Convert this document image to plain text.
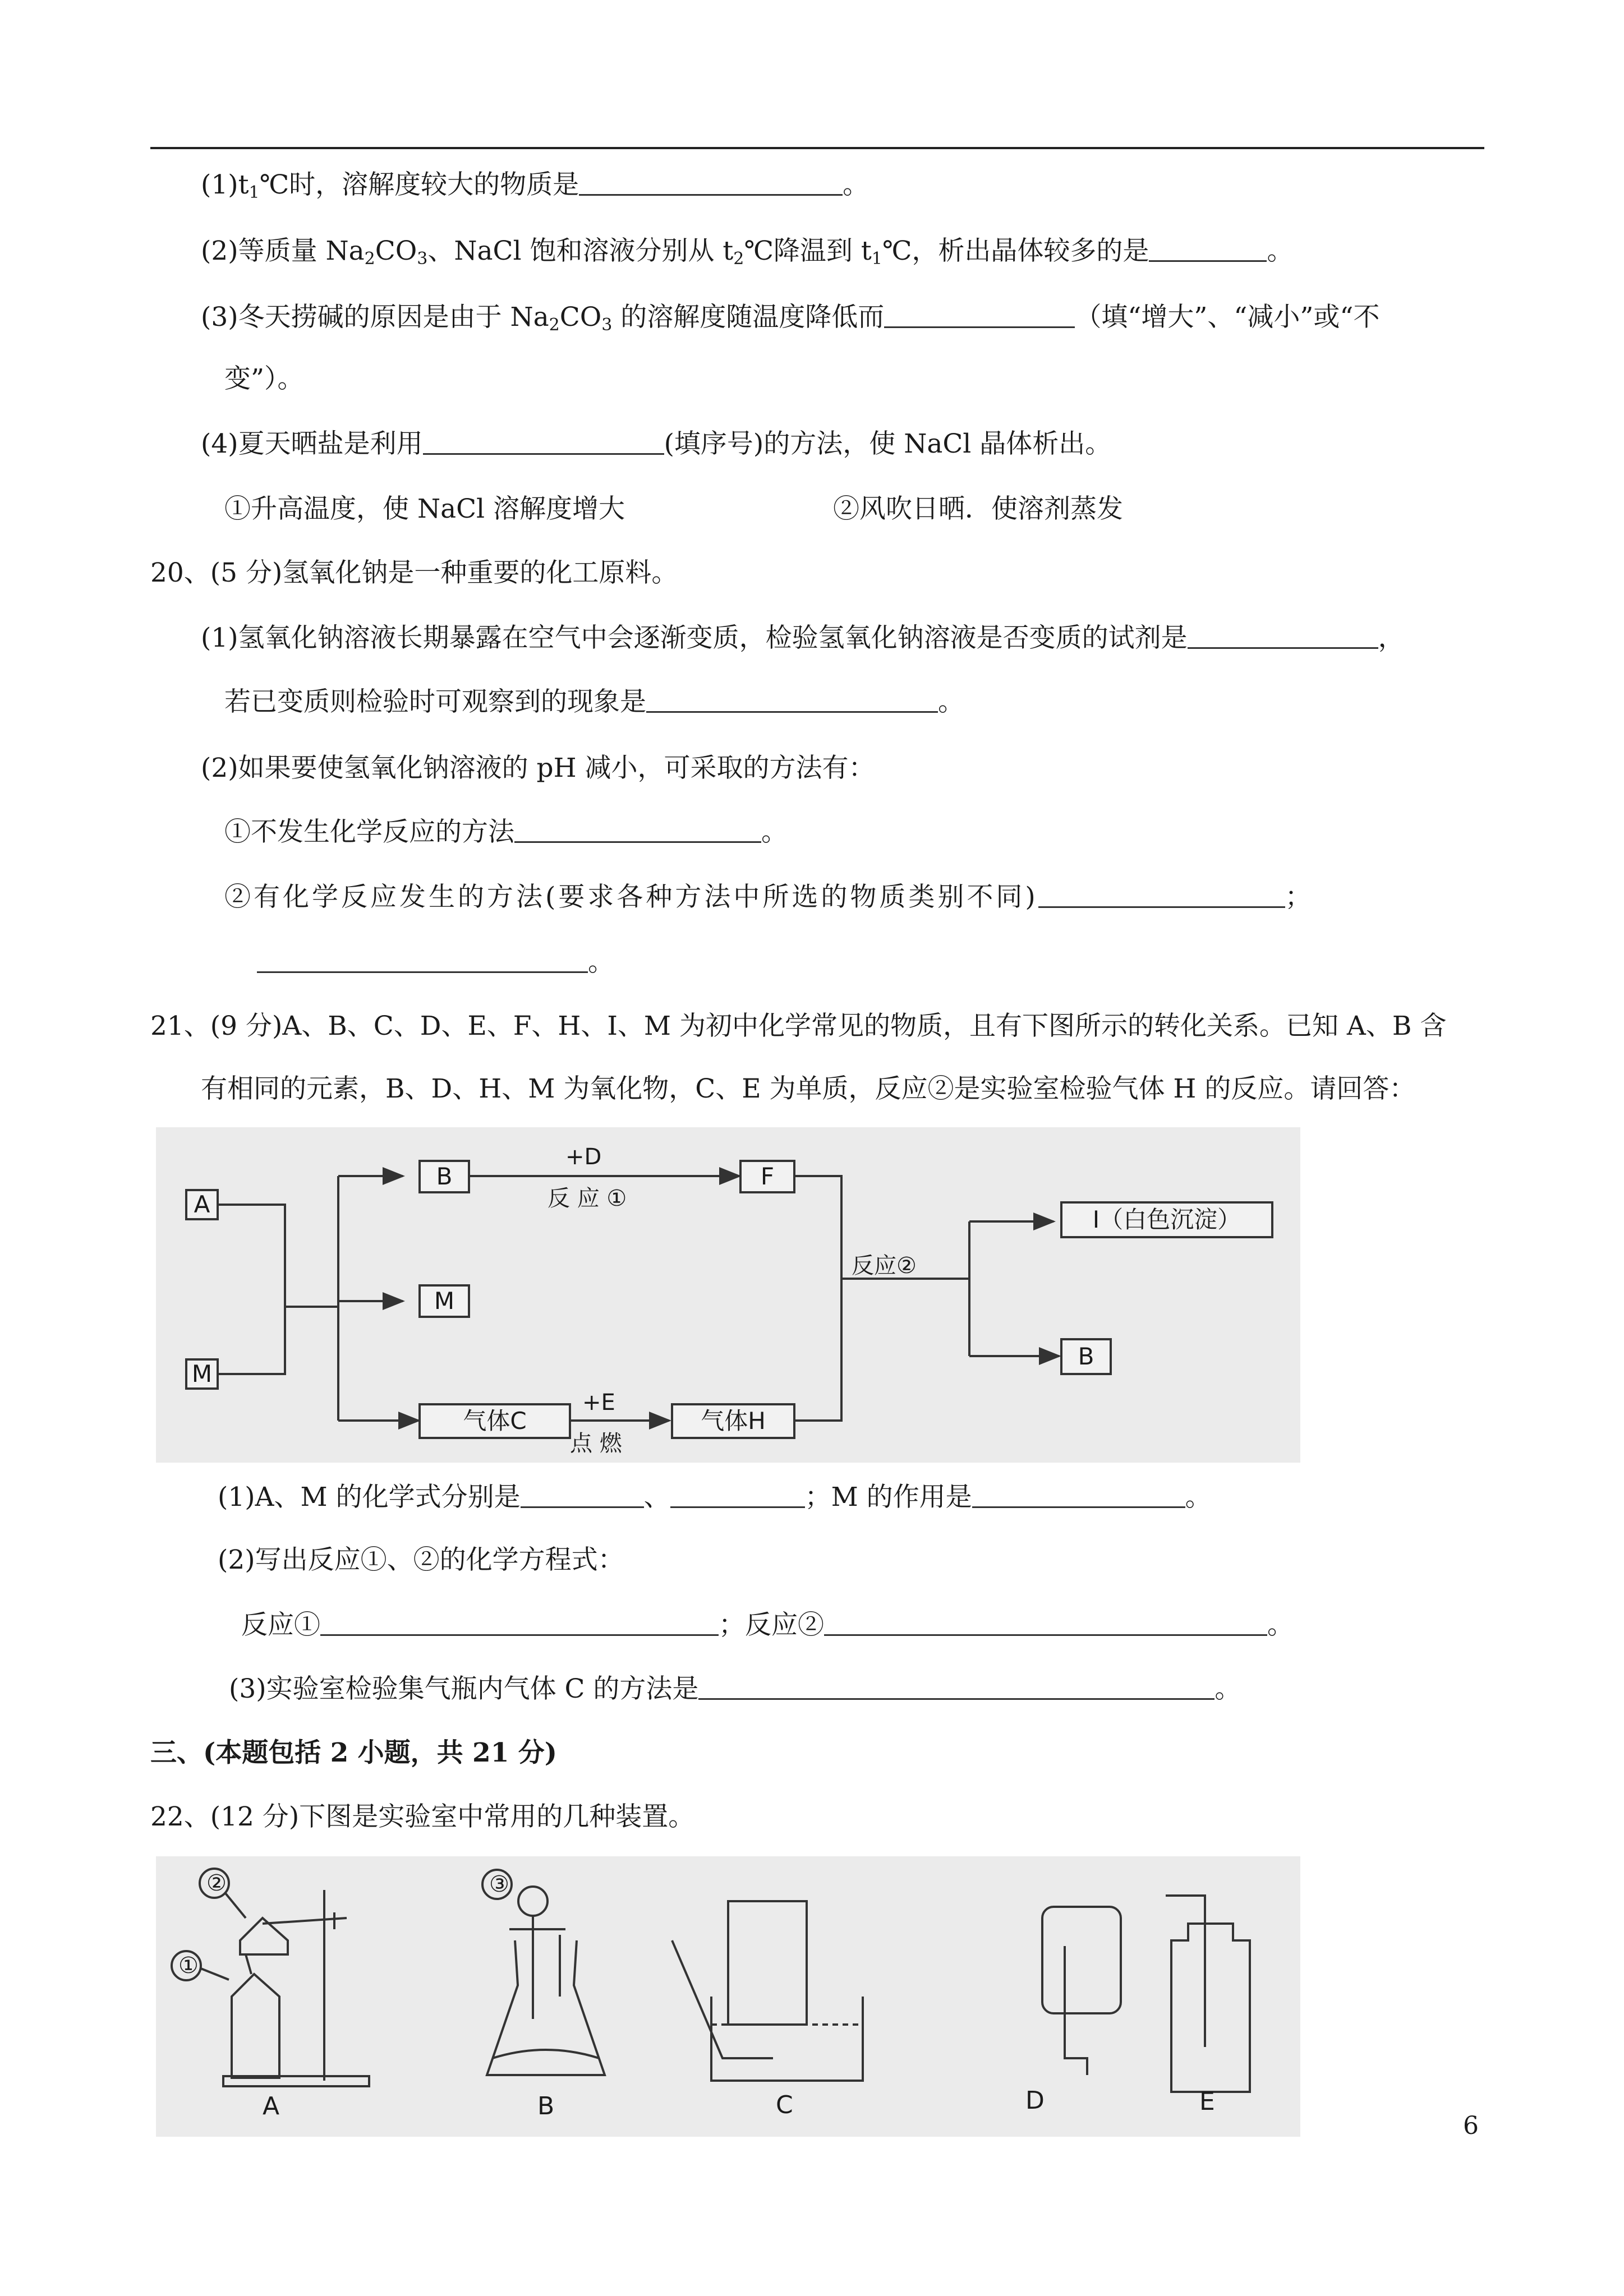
$(1)t_1℃$时，溶解度较大的物质是	。
(2)等质量 $Na_2CO_3$、NaCl 饱和溶液分别从 $t_2℃$降温到 $t_1℃$，析出晶体较多的是	。
(3)冬天捞碱的原因是由于 $Na_2CO_3$ 的溶解度随温度降低而	（填“增大”、“减小”或“不
变”）。
(4)夏天晒盐是利用	(填序号)的方法，使 NaCl 晶体析出。
①升高温度，使 NaCl 溶解度增大	②风吹日晒．使溶剂蒸发
20、(5 分)氢氧化钠是一种重要的化工原料。
(1)氢氧化钠溶液长期暴露在空气中会逐渐变质，检验氢氧化钠溶液是否变质的试剂是	，
若已变质则检验时可观察到的现象是	。
(2)如果要使氢氧化钠溶液的 pH 减小，可采取的方法有：
①不发生化学反应的方法	。
②有化学反应发生的方法(要求各种方法中所选的物质类别不同)	；
。
21、(9 分)A、B、C、D、E、F、H、I、M 为初中化学常见的物质，且有下图所示的转化关系。已知 A、B 含
有相同的元素，B、D、H、M 为氧化物，C、E 为单质，反应②是实验室检验气体 H 的反应。请回答：
A
M
B
M
气体C
F
气体H
I（白色沉淀）
B
+D
反 应 ①
+E
点 燃
反应②
(1)A、M 的化学式分别是	、	；M 的作用是	。
(2)写出反应①、②的化学方程式：
反应①	；反应②	。
(3)实验室检验集气瓶内气体 C 的方法是	。
三、(本题包括 2 小题，共 21 分)
22、(12 分)下图是实验室中常用的几种装置。
②
①
③
A	B	C	D	E
6
